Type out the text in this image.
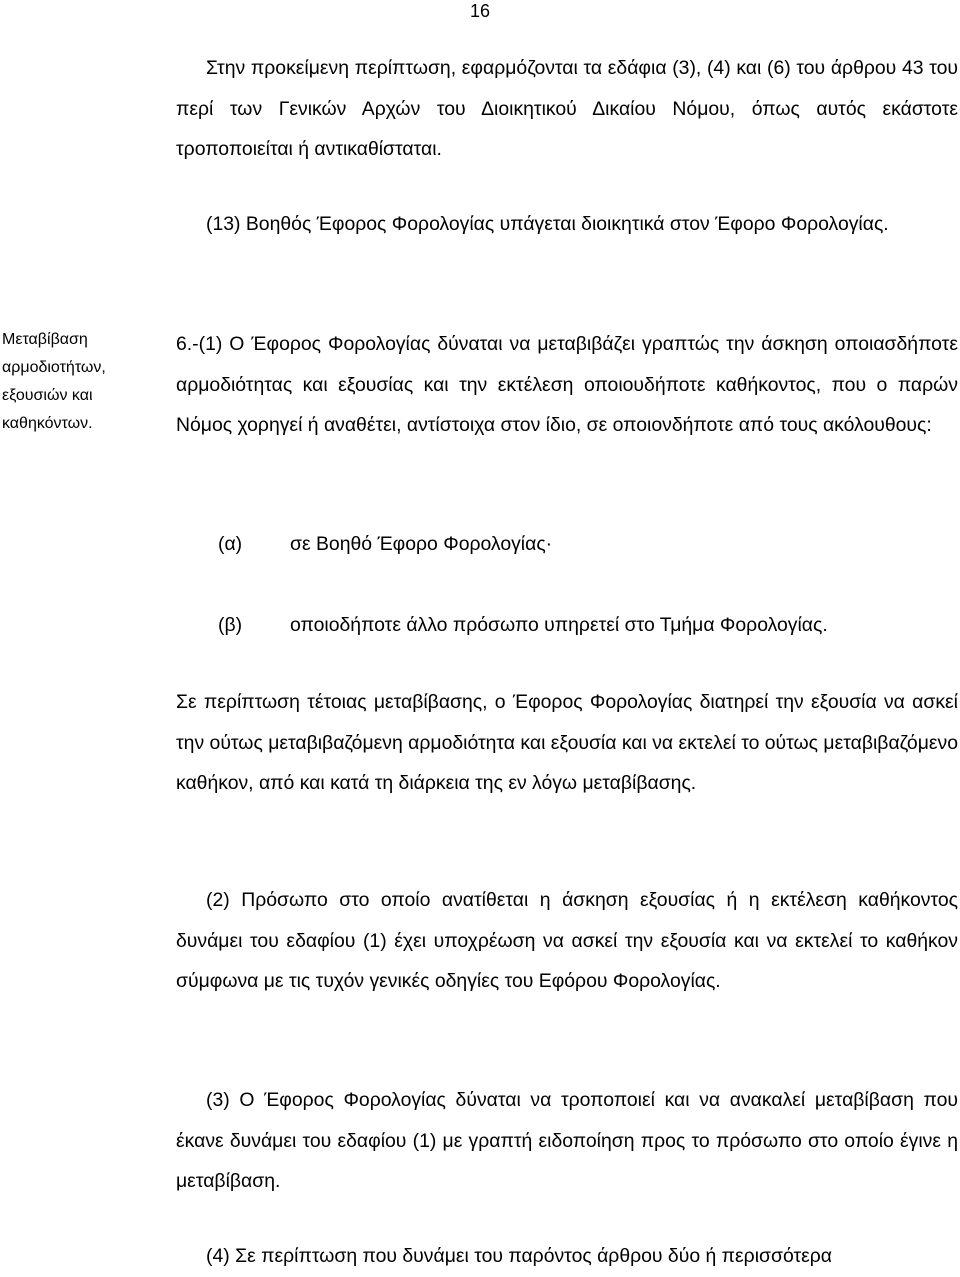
16

Στην προκείμενη περίπτωση, εφαρμόζονται τα εδάφια (3), (4) και (6) του άρθρου 43 του περί των Γενικών Αρχών του Διοικητικού Δικαίου Νόμου, όπως αυτός εκάστοτε τροποποιείται ή αντικαθίσταται.

(13) Βοηθός Έφορος Φορολογίας υπάγεται διοικητικά στον Έφορο Φορολογίας.

Μεταβίβαση
αρμοδιοτήτων,
εξουσιών και
καθηκόντων.

6.-(1) Ο Έφορος Φορολογίας δύναται να μεταβιβάζει γραπτώς την άσκηση οποιασδήποτε αρμοδιότητας και εξουσίας και την εκτέλεση οποιουδήποτε καθήκοντος, που ο παρών Νόμος χορηγεί ή αναθέτει, αντίστοιχα στον ίδιο, σε οποιονδήποτε από τους ακόλουθους:

(α) σε Βοηθό Έφορο Φορολογίας·
(β) οποιοδήποτε άλλο πρόσωπο υπηρετεί στο Τμήμα Φορολογίας.

Σε περίπτωση τέτοιας μεταβίβασης, ο Έφορος Φορολογίας διατηρεί την εξουσία να ασκεί την ούτως μεταβιβαζόμενη αρμοδιότητα και εξουσία και να εκτελεί το ούτως μεταβιβαζόμενο καθήκον, από και κατά τη διάρκεια της εν λόγω μεταβίβασης.

(2) Πρόσωπο στο οποίο ανατίθεται η άσκηση εξουσίας ή η εκτέλεση καθήκοντος δυνάμει του εδαφίου (1) έχει υποχρέωση να ασκεί την εξουσία και να εκτελεί το καθήκον σύμφωνα με τις τυχόν γενικές οδηγίες του Εφόρου Φορολογίας.

(3) Ο Έφορος Φορολογίας δύναται να τροποποιεί και να ανακαλεί μεταβίβαση που έκανε δυνάμει του εδαφίου (1) με γραπτή ειδοποίηση προς το πρόσωπο στο οποίο έγινε η μεταβίβαση.

(4) Σε περίπτωση που δυνάμει του παρόντος άρθρου δύο ή περισσότερα
